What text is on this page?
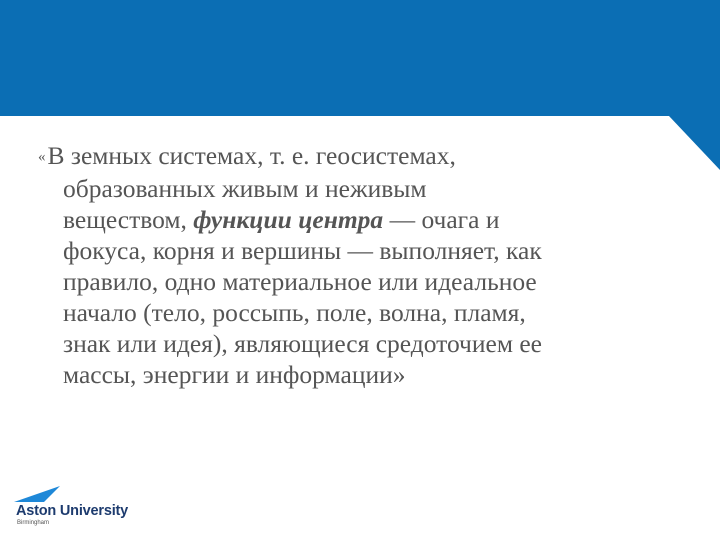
«В земных системах, т. е. геосистемах,
образованных живым и неживым
веществом, функции центра — очага и
фокуса, корня и вершины — выполняет, как
правило, одно материальное или идеальное
начало (тело, россыпь, поле, волна, пламя,
знак или идея), являющиеся средоточием ее
массы, энергии и информации»
Aston University
Birmingham
